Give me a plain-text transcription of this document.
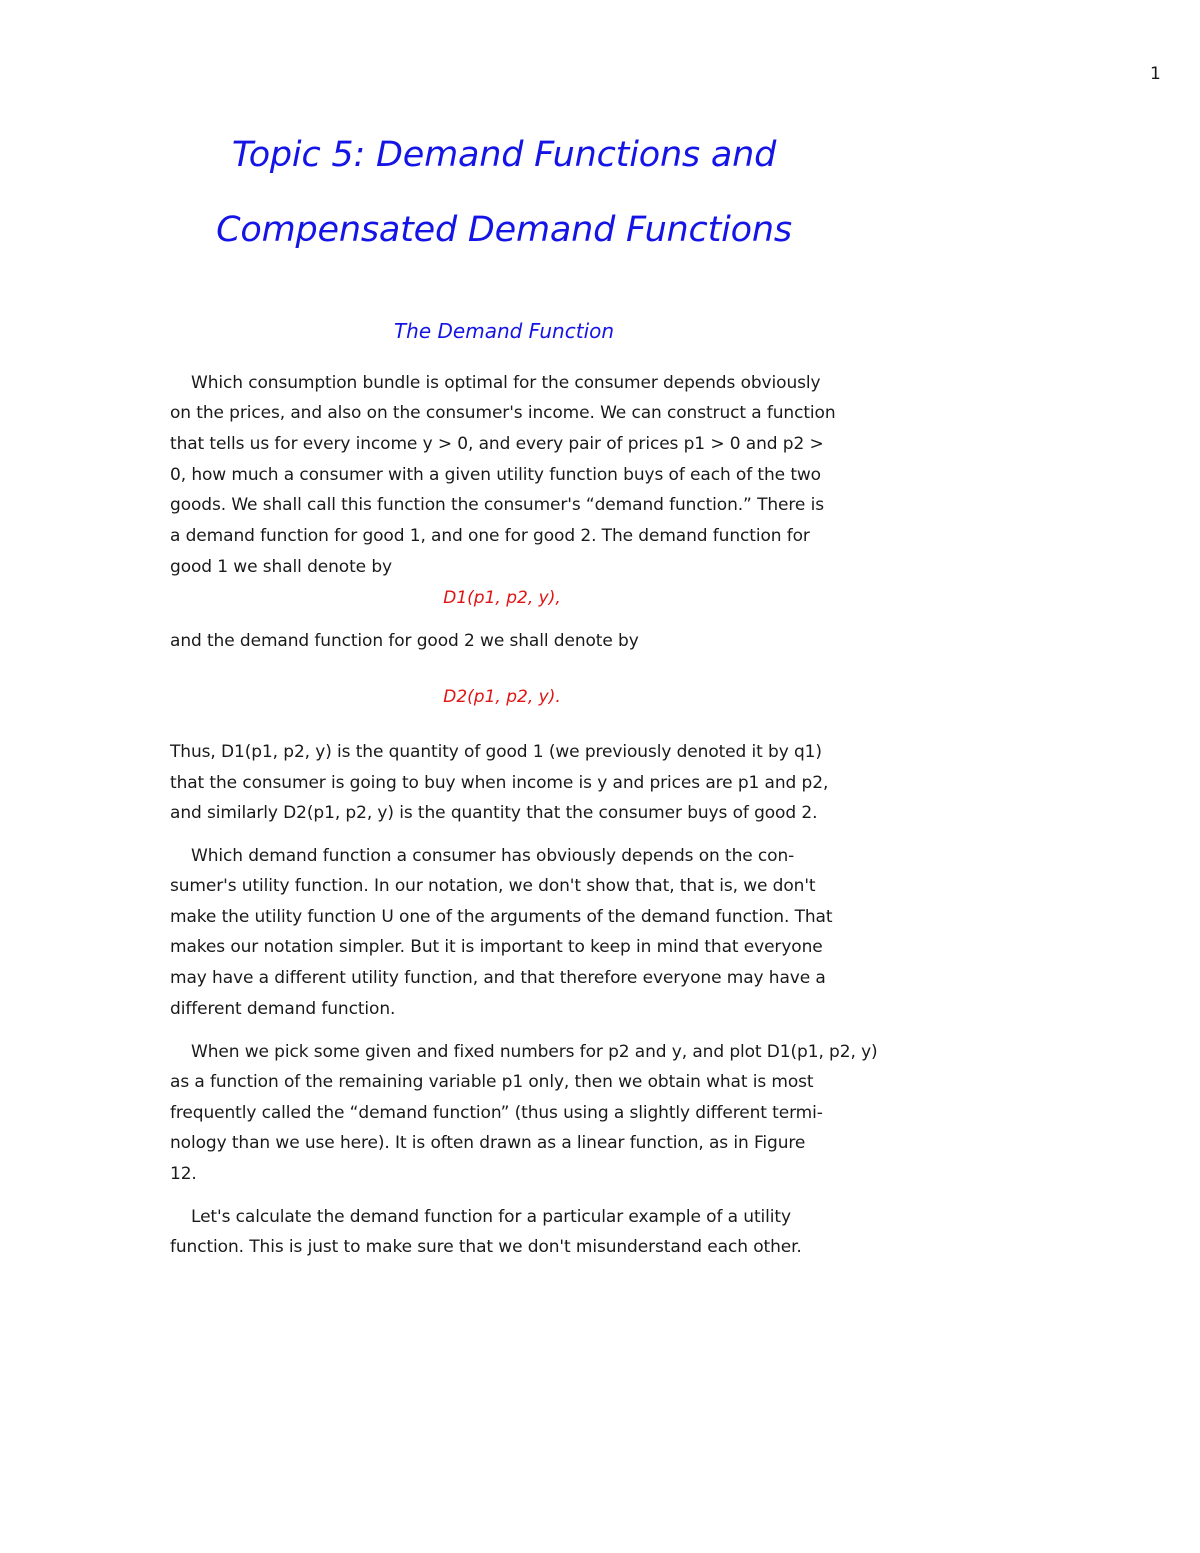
1
Topic 5: Demand Functions and
Compensated Demand Functions
The Demand Function
Which consumption bundle is optimal for the consumer depends obviously
on the prices, and also on the consumer's income. We can construct a function
that tells us for every income y > 0, and every pair of prices p1 > 0 and p2 >
0, how much a consumer with a given utility function buys of each of the two
goods. We shall call this function the consumer's “demand function.” There is
a demand function for good 1, and one for good 2. The demand function for
good 1 we shall denote by
D1(p1, p2, y),
and the demand function for good 2 we shall denote by
D2(p1, p2, y).
Thus, D1(p1, p2, y) is the quantity of good 1 (we previously denoted it by q1)
that the consumer is going to buy when income is y and prices are p1 and p2,
and similarly D2(p1, p2, y) is the quantity that the consumer buys of good 2.
Which demand function a consumer has obviously depends on the con-
sumer's utility function. In our notation, we don't show that, that is, we don't
make the utility function U one of the arguments of the demand function. That
makes our notation simpler. But it is important to keep in mind that everyone
may have a different utility function, and that therefore everyone may have a
different demand function.
When we pick some given and fixed numbers for p2 and y, and plot D1(p1, p2, y)
as a function of the remaining variable p1 only, then we obtain what is most
frequently called the “demand function” (thus using a slightly different termi-
nology than we use here). It is often drawn as a linear function, as in Figure
12.
Let's calculate the demand function for a particular example of a utility
function. This is just to make sure that we don't misunderstand each other.
